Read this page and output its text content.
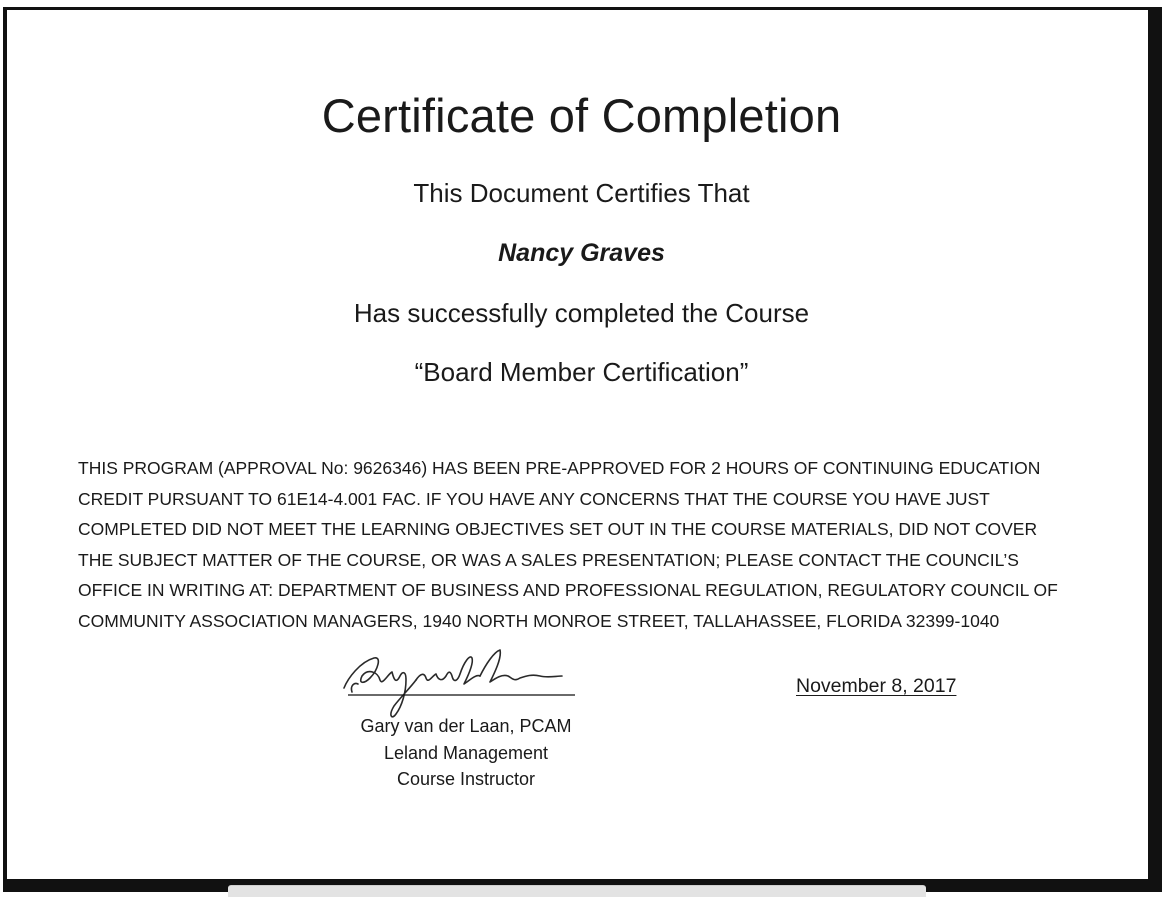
Certificate of Completion
This Document Certifies That
Nancy Graves
Has successfully completed the Course
“Board Member Certification”
THIS PROGRAM (APPROVAL No: 9626346) HAS BEEN PRE-APPROVED FOR 2 HOURS OF CONTINUING EDUCATION
CREDIT PURSUANT TO 61E14-4.001 FAC. IF YOU HAVE ANY CONCERNS THAT THE COURSE YOU HAVE JUST
COMPLETED DID NOT MEET THE LEARNING OBJECTIVES SET OUT IN THE COURSE MATERIALS, DID NOT COVER
THE SUBJECT MATTER OF THE COURSE, OR WAS A SALES PRESENTATION; PLEASE CONTACT THE COUNCIL’S
OFFICE IN WRITING AT: DEPARTMENT OF BUSINESS AND PROFESSIONAL REGULATION, REGULATORY COUNCIL OF
COMMUNITY ASSOCIATION MANAGERS, 1940 NORTH MONROE STREET, TALLAHASSEE, FLORIDA 32399-1040
Gary van der Laan, PCAM
Leland Management
Course Instructor
November 8, 2017
